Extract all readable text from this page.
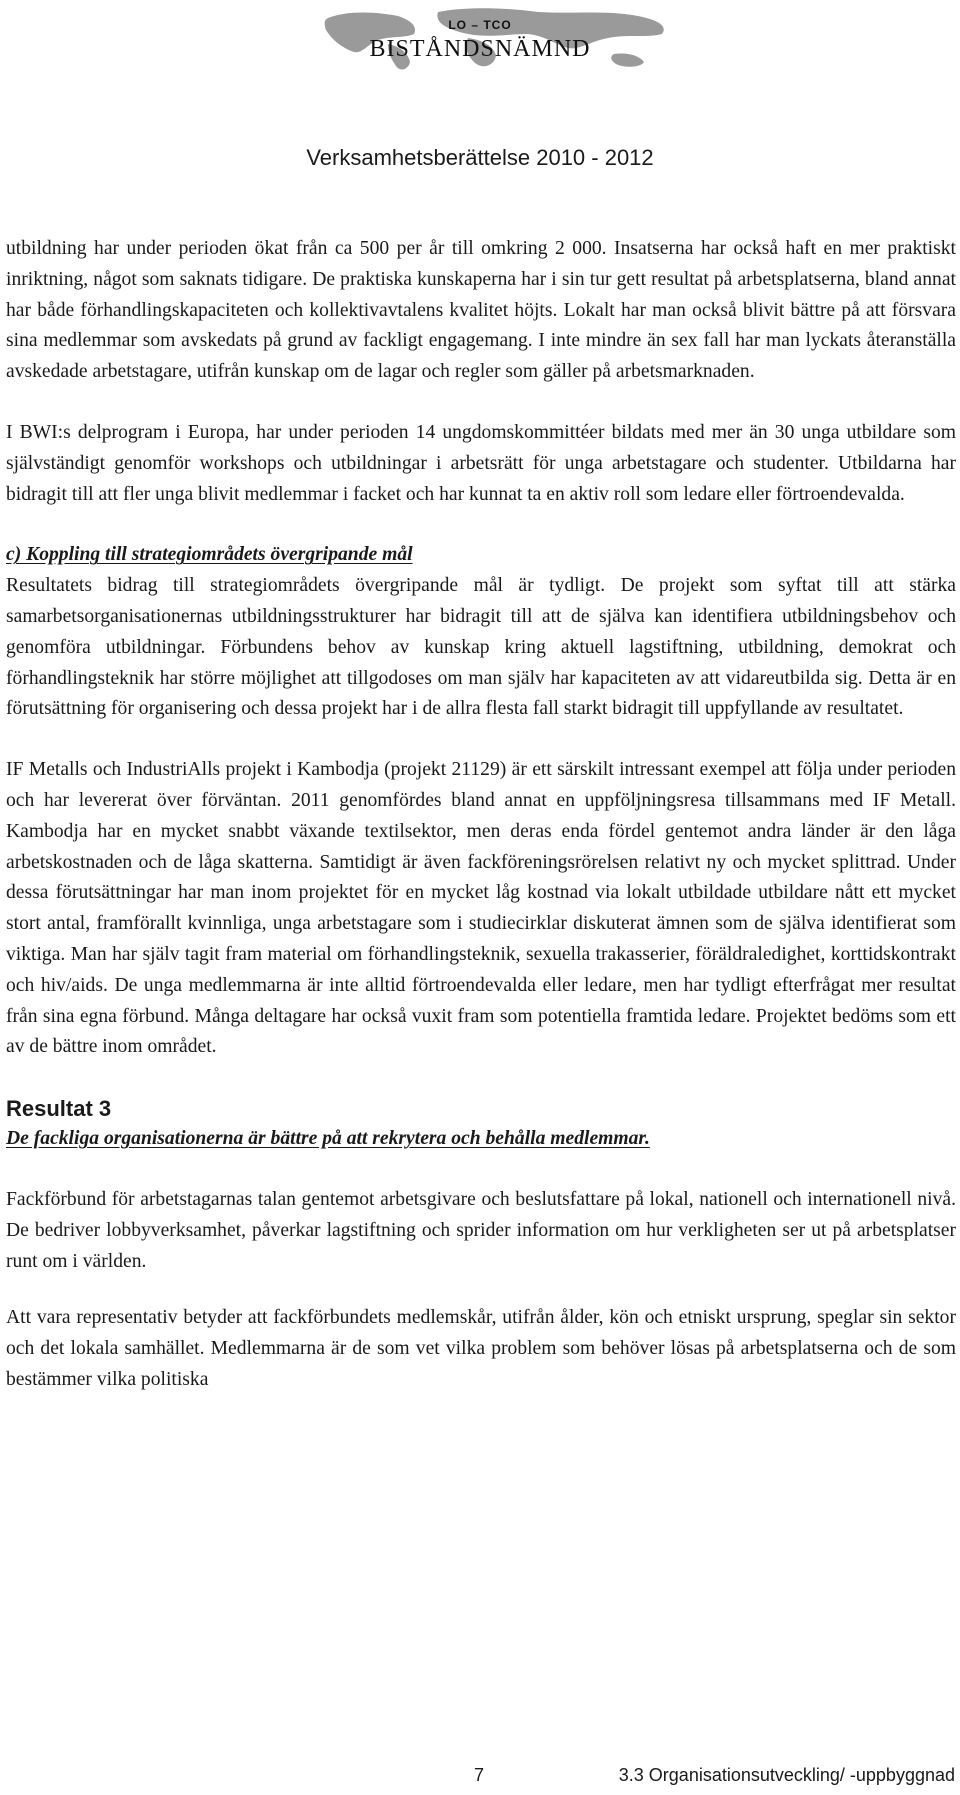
LO – TCO
BISTÅNDSNÄMND
Verksamhetsberättelse 2010 - 2012

utbildning har under perioden ökat från ca 500 per år till omkring 2 000. Insatserna har också haft en mer praktiskt inriktning, något som saknats tidigare. De praktiska kunskaperna har i sin tur gett resultat på arbetsplatserna, bland annat har både förhandlingskapaciteten och kollektivavtalens kvalitet höjts. Lokalt har man också blivit bättre på att försvara sina medlemmar som avskedats på grund av fackligt engagemang. I inte mindre än sex fall har man lyckats återanställa avskedade arbetstagare, utifrån kunskap om de lagar och regler som gäller på arbetsmarknaden.

I BWI:s delprogram i Europa, har under perioden 14 ungdomskommittéer bildats med mer än 30 unga utbildare som självständigt genomför workshops och utbildningar i arbetsrätt för unga arbetstagare och studenter. Utbildarna har bidragit till att fler unga blivit medlemmar i facket och har kunnat ta en aktiv roll som ledare eller förtroendevalda.

c) Koppling till strategiområdets övergripande mål

Resultatets bidrag till strategiområdets övergripande mål är tydligt. De projekt som syftat till att stärka samarbetsorganisationernas utbildningsstrukturer har bidragit till att de själva kan identifiera utbildningsbehov och genomföra utbildningar. Förbundens behov av kunskap kring aktuell lagstiftning, utbildning, demokrat och förhandlingsteknik har större möjlighet att tillgodoses om man själv har kapaciteten av att vidareutbilda sig. Detta är en förutsättning för organisering och dessa projekt har i de allra flesta fall starkt bidragit till uppfyllande av resultatet.

IF Metalls och IndustriAlls projekt i Kambodja (projekt 21129) är ett särskilt intressant exempel att följa under perioden och har levererat över förväntan. 2011 genomfördes bland annat en uppföljningsresa tillsammans med IF Metall. Kambodja har en mycket snabbt växande textilsektor, men deras enda fördel gentemot andra länder är den låga arbetskostnaden och de låga skatterna. Samtidigt är även fackföreningsrörelsen relativt ny och mycket splittrad. Under dessa förutsättningar har man inom projektet för en mycket låg kostnad via lokalt utbildade utbildare nått ett mycket stort antal, framförallt kvinnliga, unga arbetstagare som i studiecirklar diskuterat ämnen som de själva identifierat som viktiga. Man har själv tagit fram material om förhandlingsteknik, sexuella trakasserier, föräldraledighet, korttidskontrakt och hiv/aids. De unga medlemmarna är inte alltid förtroendevalda eller ledare, men har tydligt efterfrågat mer resultat från sina egna förbund. Många deltagare har också vuxit fram som potentiella framtida ledare. Projektet bedöms som ett av de bättre inom området.

Resultat 3

De fackliga organisationerna är bättre på att rekrytera och behålla medlemmar.

Fackförbund för arbetstagarnas talan gentemot arbetsgivare och beslutsfattare på lokal, nationell och internationell nivå. De bedriver lobbyverksamhet, påverkar lagstiftning och sprider information om hur verkligheten ser ut på arbetsplatser runt om i världen.

Att vara representativ betyder att fackförbundets medlemskår, utifrån ålder, kön och etniskt ursprung, speglar sin sektor och det lokala samhället. Medlemmarna är de som vet vilka problem som behöver lösas på arbetsplatserna och de som bestämmer vilka politiska

7	3.3 Organisationsutveckling/ -uppbyggnad
